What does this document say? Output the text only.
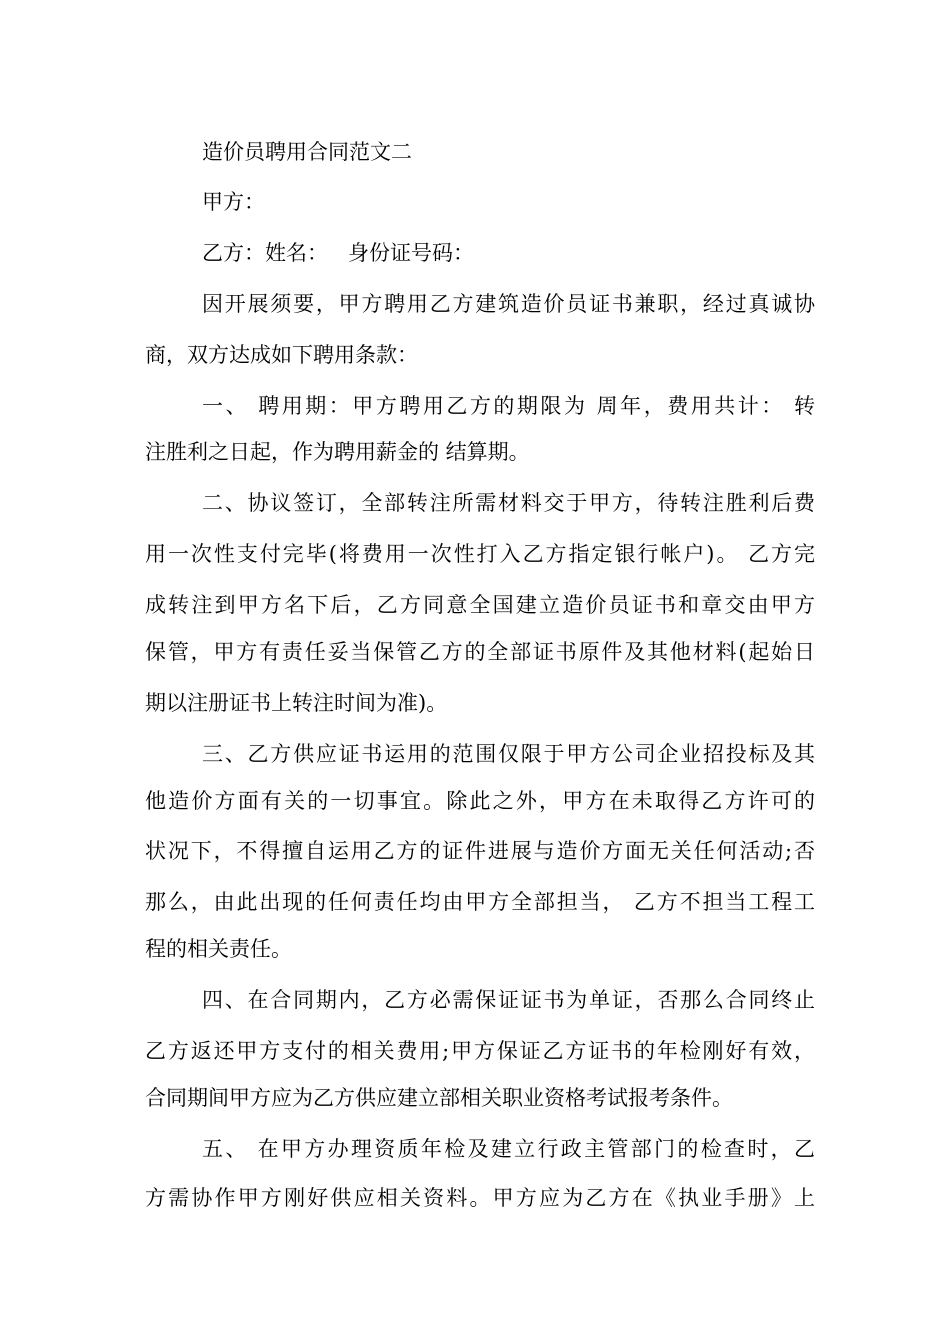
造价员聘用合同范文二
甲方：
乙方：姓名：   身份证号码：
因开展须要，甲方聘用乙方建筑造价员证书兼职，经过真诚协
商，双方达成如下聘用条款：
一、 聘用期：甲方聘用乙方的期限为 周年，费用共计： 转
注胜利之日起，作为聘用薪金的 结算期。
二、协议签订，全部转注所需材料交于甲方，待转注胜利后费
用一次性支付完毕(将费用一次性打入乙方指定银行帐户)。 乙方完
成转注到甲方名下后，乙方同意全国建立造价员证书和章交由甲方
保管，甲方有责任妥当保管乙方的全部证书原件及其他材料(起始日
期以注册证书上转注时间为准)。
三、乙方供应证书运用的范围仅限于甲方公司企业招投标及其
他造价方面有关的一切事宜。除此之外，甲方在未取得乙方许可的
状况下，不得擅自运用乙方的证件进展与造价方面无关任何活动;否
那么，由此出现的任何责任均由甲方全部担当， 乙方不担当工程工
程的相关责任。
四、在合同期内，乙方必需保证证书为单证，否那么合同终止
乙方返还甲方支付的相关费用;甲方保证乙方证书的年检刚好有效，
合同期间甲方应为乙方供应建立部相关职业资格考试报考条件。
五、 在甲方办理资质年检及建立行政主管部门的检查时，乙
方需协作甲方刚好供应相关资料。甲方应为乙方在《执业手册》上
